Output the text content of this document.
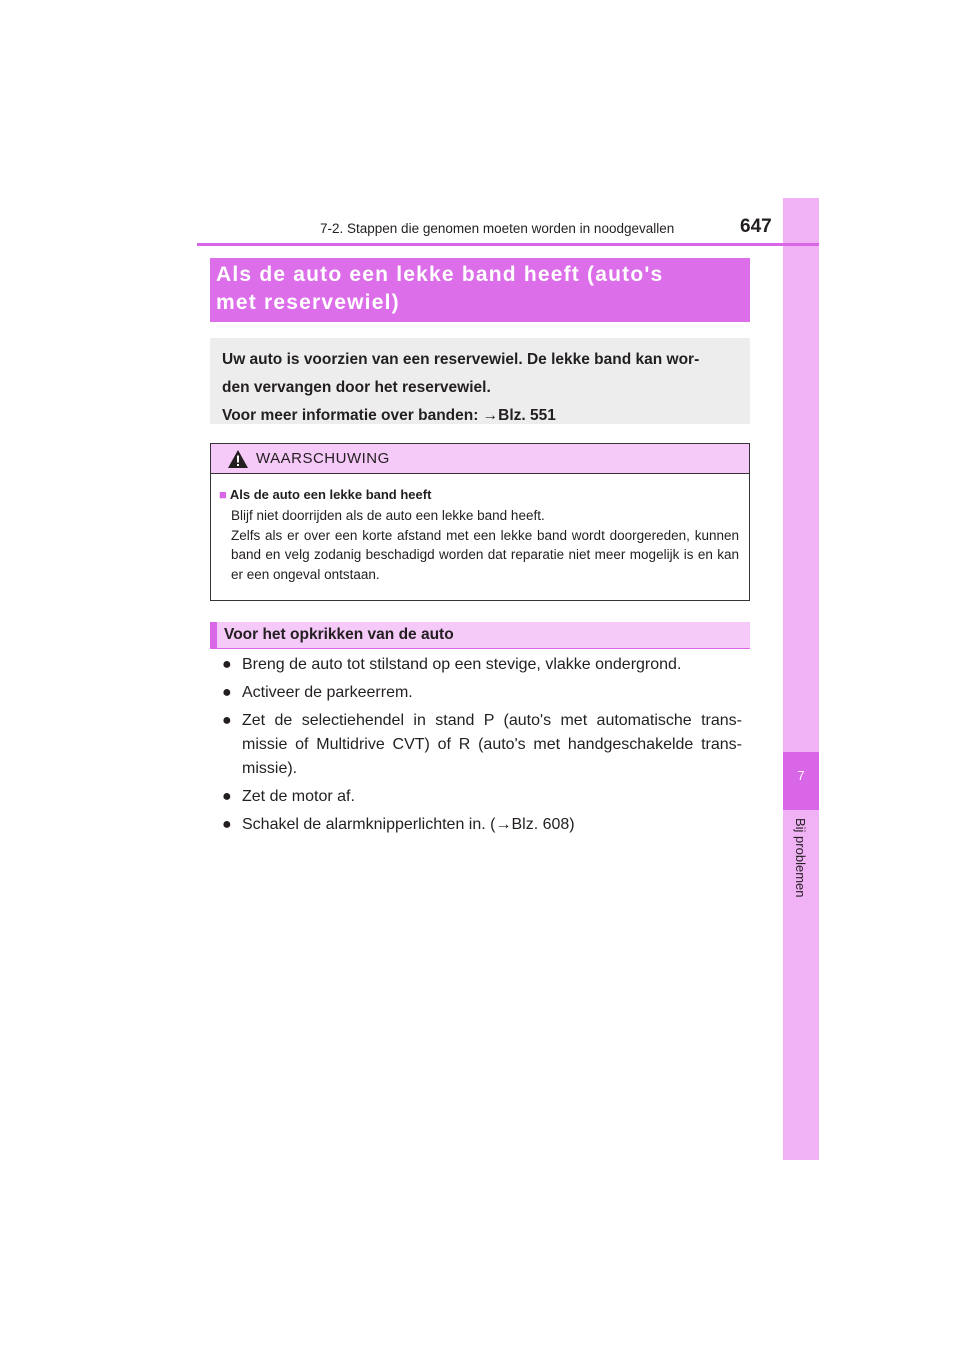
7
Bij problemen
7-2. Stappen die genomen moeten worden in noodgevallen	647
Als de auto een lekke band heeft (auto's
met reservewiel)
Uw auto is voorzien van een reservewiel. De lekke band kan wor-
den vervangen door het reservewiel.
Voor meer informatie over banden: →Blz. 551
WAARSCHUWING
■ Als de auto een lekke band heeft
Blijf niet doorrijden als de auto een lekke band heeft.
Zelfs als er over een korte afstand met een lekke band wordt doorgereden, kunnen band en velg zodanig beschadigd worden dat reparatie niet meer mogelijk is en kan er een ongeval ontstaan.
Voor het opkrikken van de auto
● Breng de auto tot stilstand op een stevige, vlakke ondergrond.
● Activeer de parkeerrem.
● Zet de selectiehendel in stand P (auto's met automatische trans-missie of Multidrive CVT) of R (auto's met handgeschakelde trans-missie).
● Zet de motor af.
● Schakel de alarmknipperlichten in. (→Blz. 608)
